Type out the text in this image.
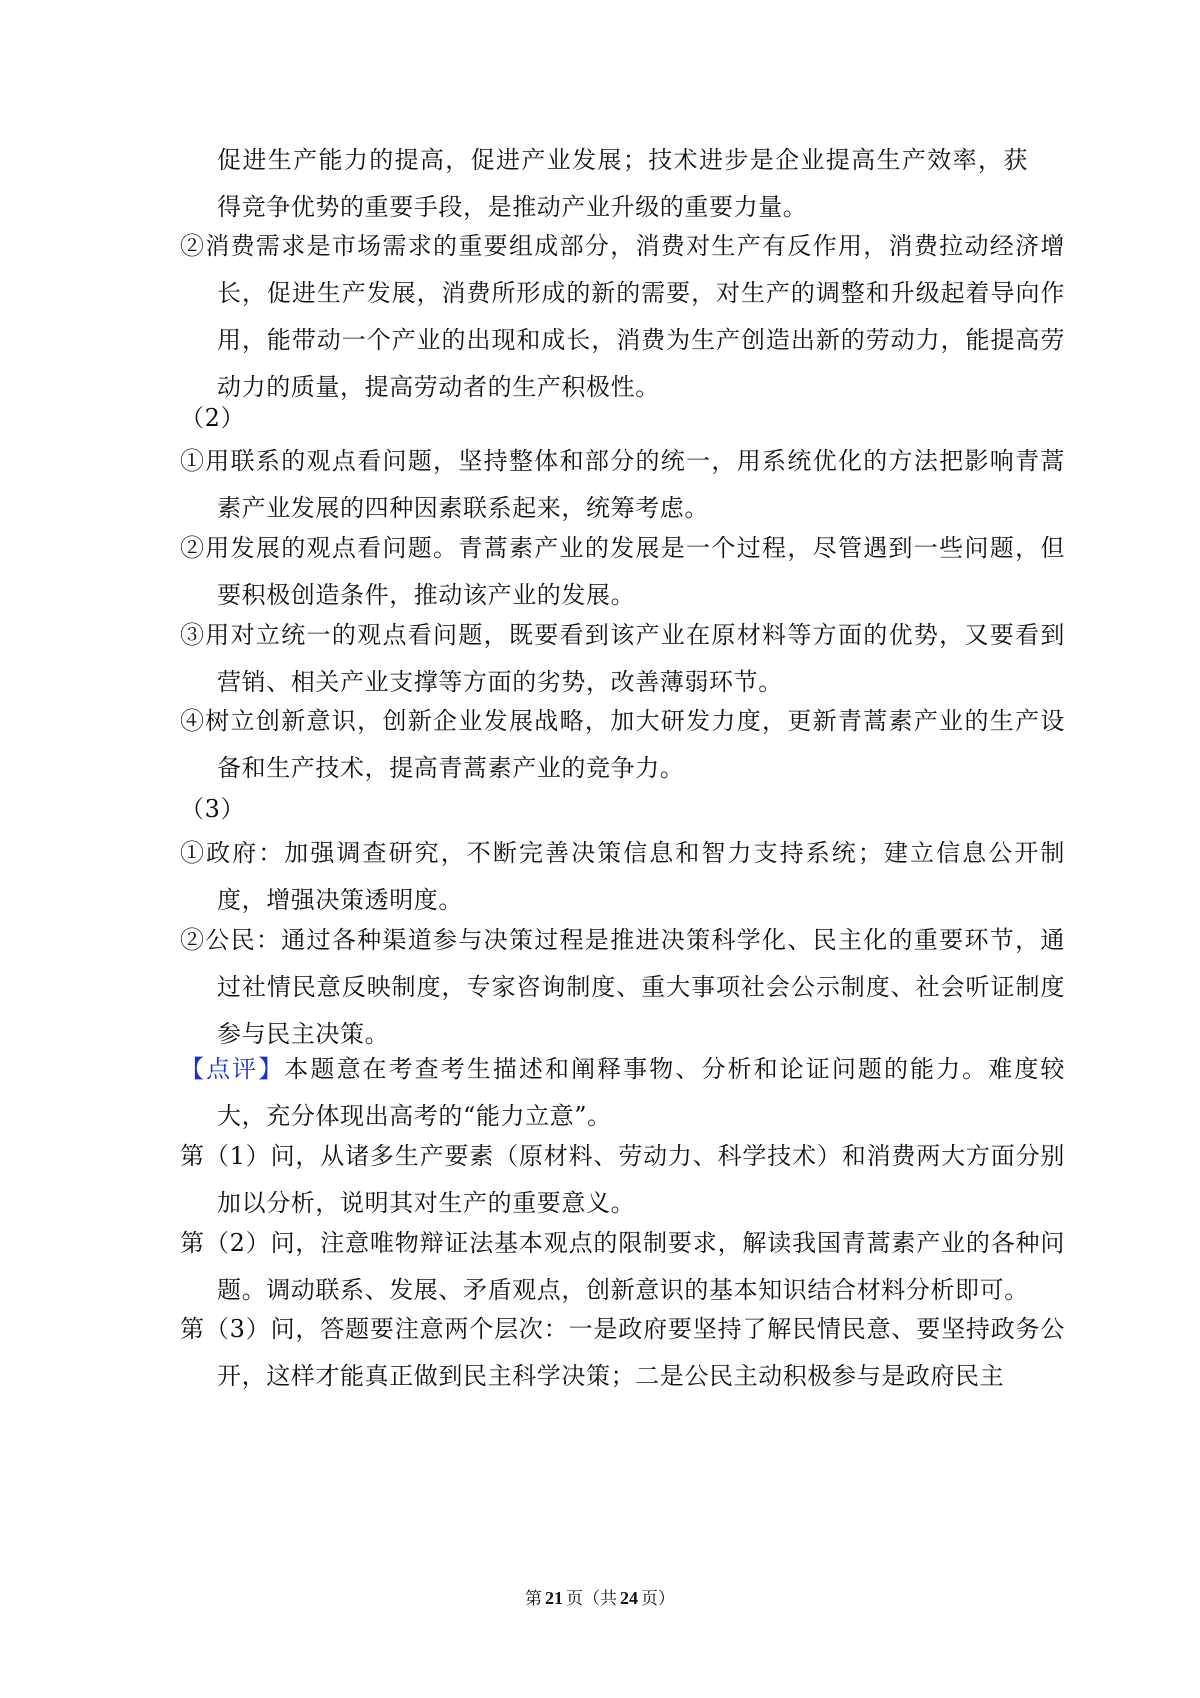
促进生产能力的提高，促进产业发展；技术进步是企业提高生产效率，获得竞争优势的重要手段，是推动产业升级的重要力量。

②消费需求是市场需求的重要组成部分，消费对生产有反作用，消费拉动经济增长，促进生产发展，消费所形成的新的需要，对生产的调整和升级起着导向作用，能带动一个产业的出现和成长，消费为生产创造出新的劳动力，能提高劳动力的质量，提高劳动者的生产积极性。

（2）

①用联系的观点看问题，坚持整体和部分的统一，用系统优化的方法把影响青蒿素产业发展的四种因素联系起来，统筹考虑。

②用发展的观点看问题。青蒿素产业的发展是一个过程，尽管遇到一些问题，但要积极创造条件，推动该产业的发展。

③用对立统一的观点看问题，既要看到该产业在原材料等方面的优势，又要看到营销、相关产业支撑等方面的劣势，改善薄弱环节。

④树立创新意识，创新企业发展战略，加大研发力度，更新青蒿素产业的生产设备和生产技术，提高青蒿素产业的竞争力。

（3）

①政府：加强调查研究，不断完善决策信息和智力支持系统；建立信息公开制度，增强决策透明度。

②公民：通过各种渠道参与决策过程是推进决策科学化、民主化的重要环节，通过社情民意反映制度，专家咨询制度、重大事项社会公示制度、社会听证制度参与民主决策。

【点评】本题意在考查考生描述和阐释事物、分析和论证问题的能力。难度较大，充分体现出高考的“能力立意”。

第（1）问，从诸多生产要素（原材料、劳动力、科学技术）和消费两大方面分别加以分析，说明其对生产的重要意义。

第（2）问，注意唯物辩证法基本观点的限制要求，解读我国青蒿素产业的各种问题。调动联系、发展、矛盾观点，创新意识的基本知识结合材料分析即可。

第（3）问，答题要注意两个层次：一是政府要坚持了解民情民意、要坚持政务公开，这样才能真正做到民主科学决策；二是公民主动积极参与是政府民主

第 21 页（共 24 页）
